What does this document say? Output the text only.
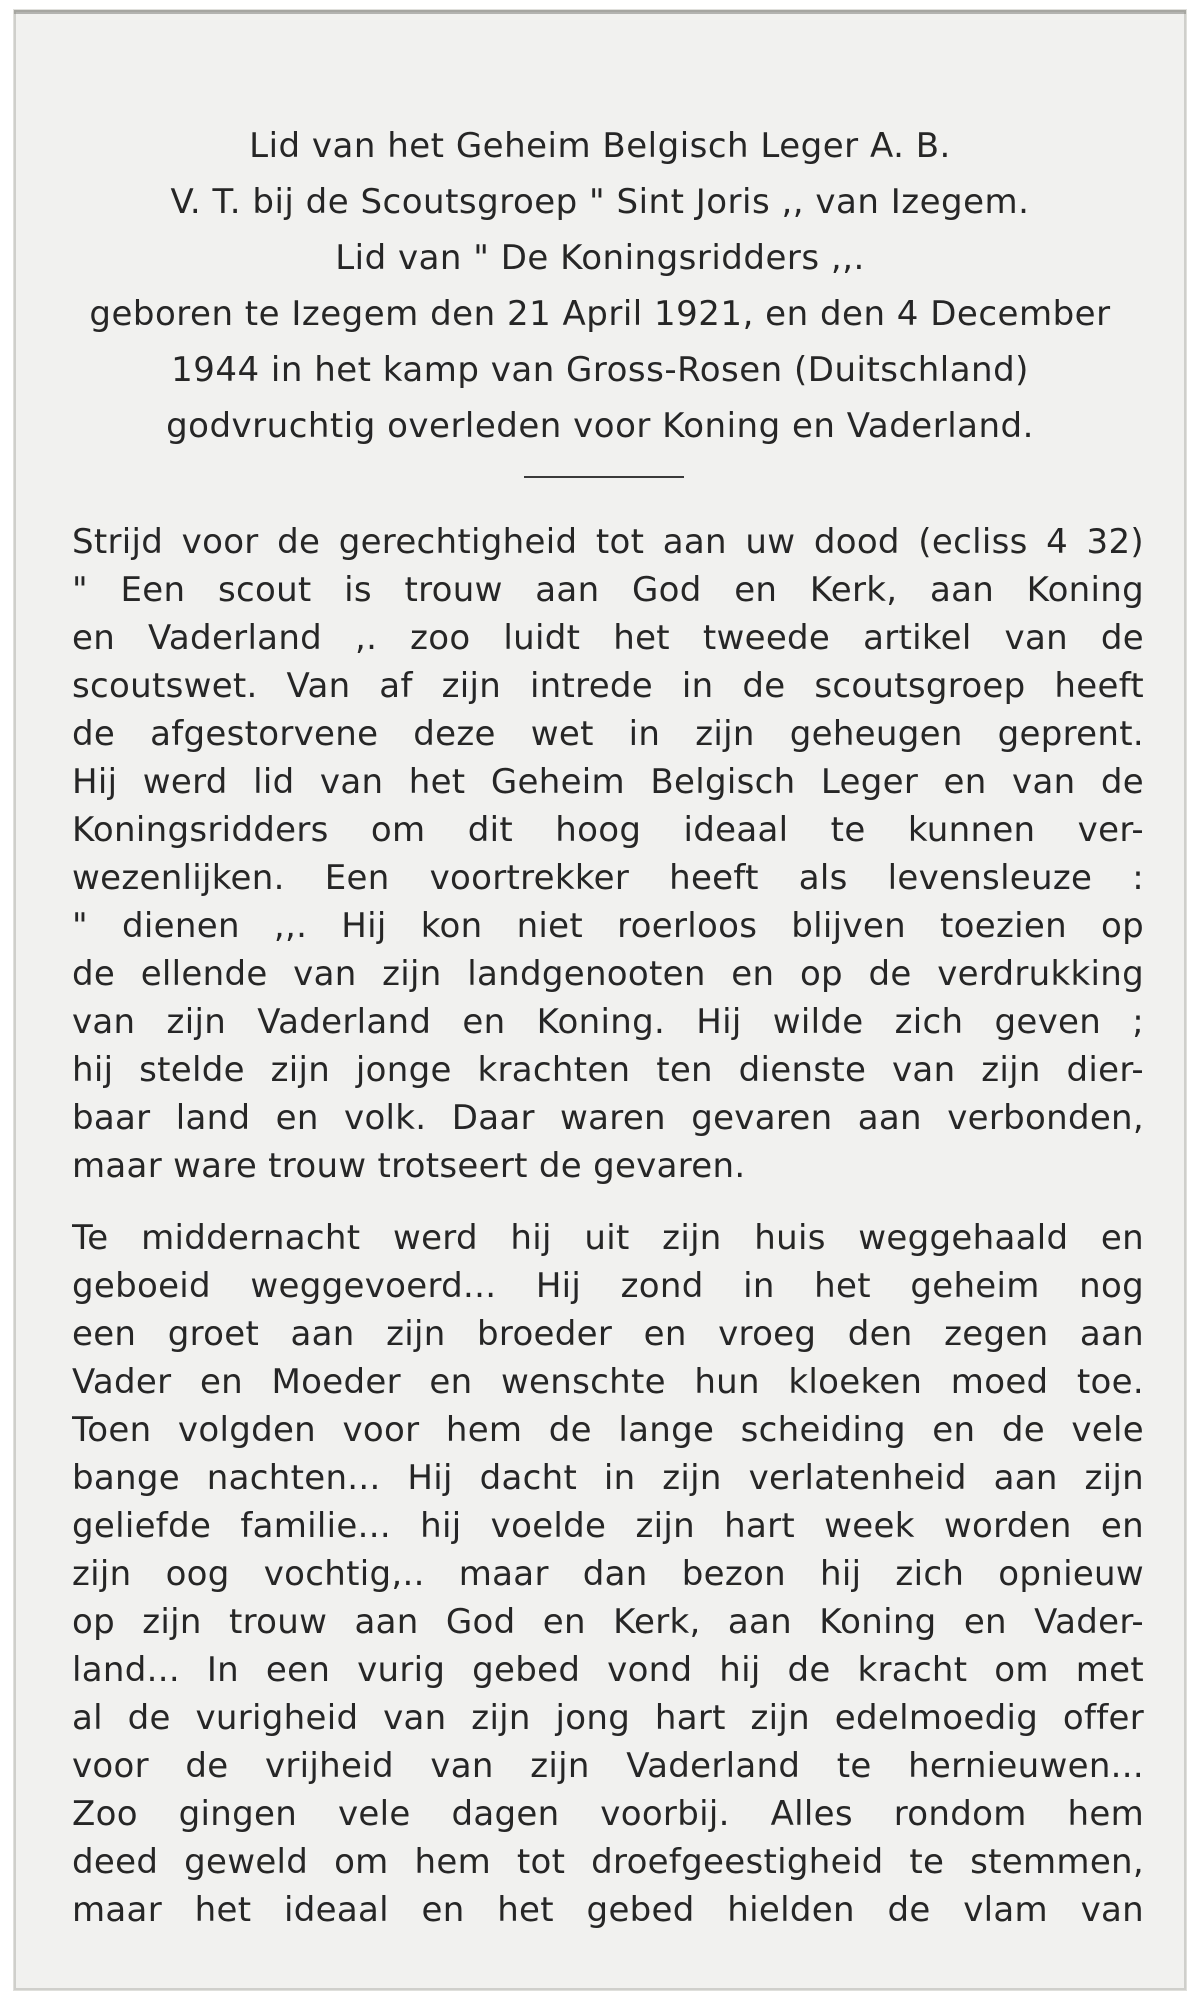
Lid van het Geheim Belgisch Leger A. B.
V. T. bij de Scoutsgroep " Sint Joris ,, van Izegem.
Lid van " De Koningsridders ,,.
geboren te Izegem den 21 April 1921, en den 4 December
1944 in het kamp van Gross-Rosen (Duitschland)
godvruchtig overleden voor Koning en Vaderland.
Strijd voor de gerechtigheid tot aan uw dood (ecliss 4 32)
" Een scout is trouw aan God en Kerk, aan Koning
en Vaderland ,. zoo luidt het tweede artikel van de
scoutswet. Van af zijn intrede in de scoutsgroep heeft
de afgestorvene deze wet in zijn geheugen geprent.
Hij werd lid van het Geheim Belgisch Leger en van de
Koningsridders om dit hoog ideaal te kunnen ver-
wezenlijken. Een voortrekker heeft als levensleuze :
" dienen ,,. Hij kon niet roerloos blijven toezien op
de ellende van zijn landgenooten en op de verdrukking
van zijn Vaderland en Koning. Hij wilde zich geven ;
hij stelde zijn jonge krachten ten dienste van zijn dier-
baar land en volk. Daar waren gevaren aan verbonden,
maar ware trouw trotseert de gevaren.
Te middernacht werd hij uit zijn huis weggehaald en
geboeid weggevoerd... Hij zond in het geheim nog
een groet aan zijn broeder en vroeg den zegen aan
Vader en Moeder en wenschte hun kloeken moed toe.
Toen volgden voor hem de lange scheiding en de vele
bange nachten... Hij dacht in zijn verlatenheid aan zijn
geliefde familie... hij voelde zijn hart week worden en
zijn oog vochtig,.. maar dan bezon hij zich opnieuw
op zijn trouw aan God en Kerk, aan Koning en Vader-
land... In een vurig gebed vond hij de kracht om met
al de vurigheid van zijn jong hart zijn edelmoedig offer
voor de vrijheid van zijn Vaderland te hernieuwen...
Zoo gingen vele dagen voorbij. Alles rondom hem
deed geweld om hem tot droefgeestigheid te stemmen,
maar het ideaal en het gebed hielden de vlam van
